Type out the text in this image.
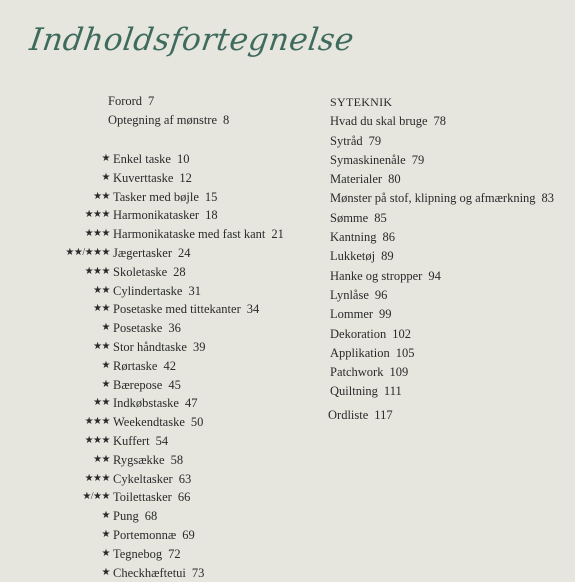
Indholdsfortegnelse
Forord 7
Optegning af mønstre 8
★ Enkel taske 10
★ Kuverttaske 12
★★ Tasker med bøjle 15
★★★ Harmonikatasker 18
★★★ Harmonikataske med fast kant 21
★★/★★★ Jægertasker 24
★★★ Skoletaske 28
★★ Cylindertaske 31
★★ Posetaske med tittekanter 34
★ Posetaske 36
★★ Stor håndtaske 39
★ Rørtaske 42
★ Bærepose 45
★★ Indkøbstaske 47
★★★ Weekendtaske 50
★★★ Kuffert 54
★★ Rygsække 58
★★★ Cykeltasker 63
★/★★ Toilettasker 66
★ Pung 68
★ Portemonnæ 69
★ Tegnebog 72
★ Checkhæftetui 73
SYTEKNIK
Hvad du skal bruge 78
Sytråd 79
Symaskinenåle 79
Materialer 80
Mønster på stof, klipning og afmærkning 83
Sømme 85
Kantning 86
Lukketøj 89
Hanke og stropper 94
Lynlåse 96
Lommer 99
Dekoration 102
Applikation 105
Patchwork 109
Quiltning 111
Ordliste 117
